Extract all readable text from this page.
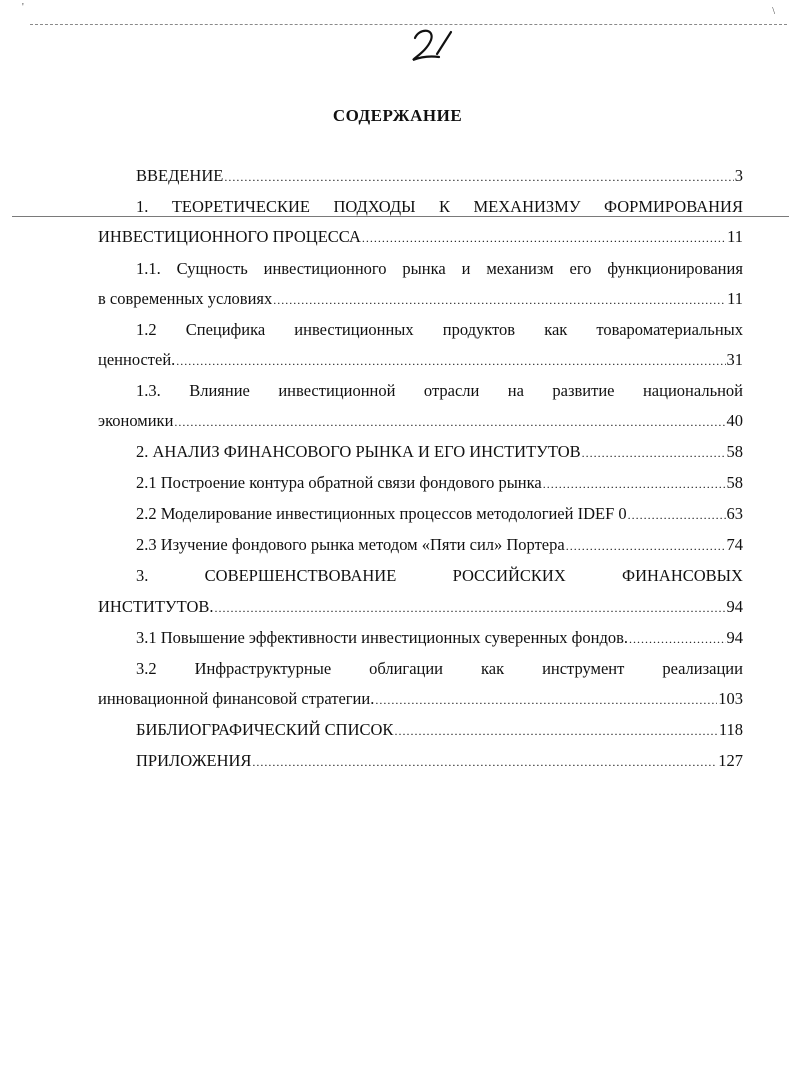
'	\
СОДЕРЖАНИЕ
ВВЕДЕНИЕ .....	3
1. ТЕОРЕТИЧЕСКИЕ ПОДХОДЫ К МЕХАНИЗМУ ФОРМИРОВАНИЯ
ИНВЕСТИЦИОННОГО ПРОЦЕССА .....	11
1.1. Сущность инвестиционного рынка и механизм его функционирования
в современных условиях .....	11
1.2 Специфика инвестиционных продуктов как товароматериальных
ценностей. .....	31
1.3. Влияние инвестиционной отрасли на развитие национальной
экономики .....	40
2. АНАЛИЗ ФИНАНСОВОГО РЫНКА И ЕГО ИНСТИТУТОВ .....	58
2.1 Построение контура обратной связи фондового рынка .....	58
2.2 Моделирование инвестиционных процессов методологией IDEF 0 .....	63
2.3 Изучение фондового рынка методом «Пяти сил» Портера .....	74
3.	СОВЕРШЕНСТВОВАНИЕ	РОССИЙСКИХ	ФИНАНСОВЫХ
ИНСТИТУТОВ. .....	94
3.1 Повышение эффективности инвестиционных суверенных фондов. .....	94
3.2 Инфраструктурные облигации как инструмент реализации
инновационной финансовой стратегии. .....	103
БИБЛИОГРАФИЧЕСКИЙ СПИСОК .....	118
ПРИЛОЖЕНИЯ .....	127
